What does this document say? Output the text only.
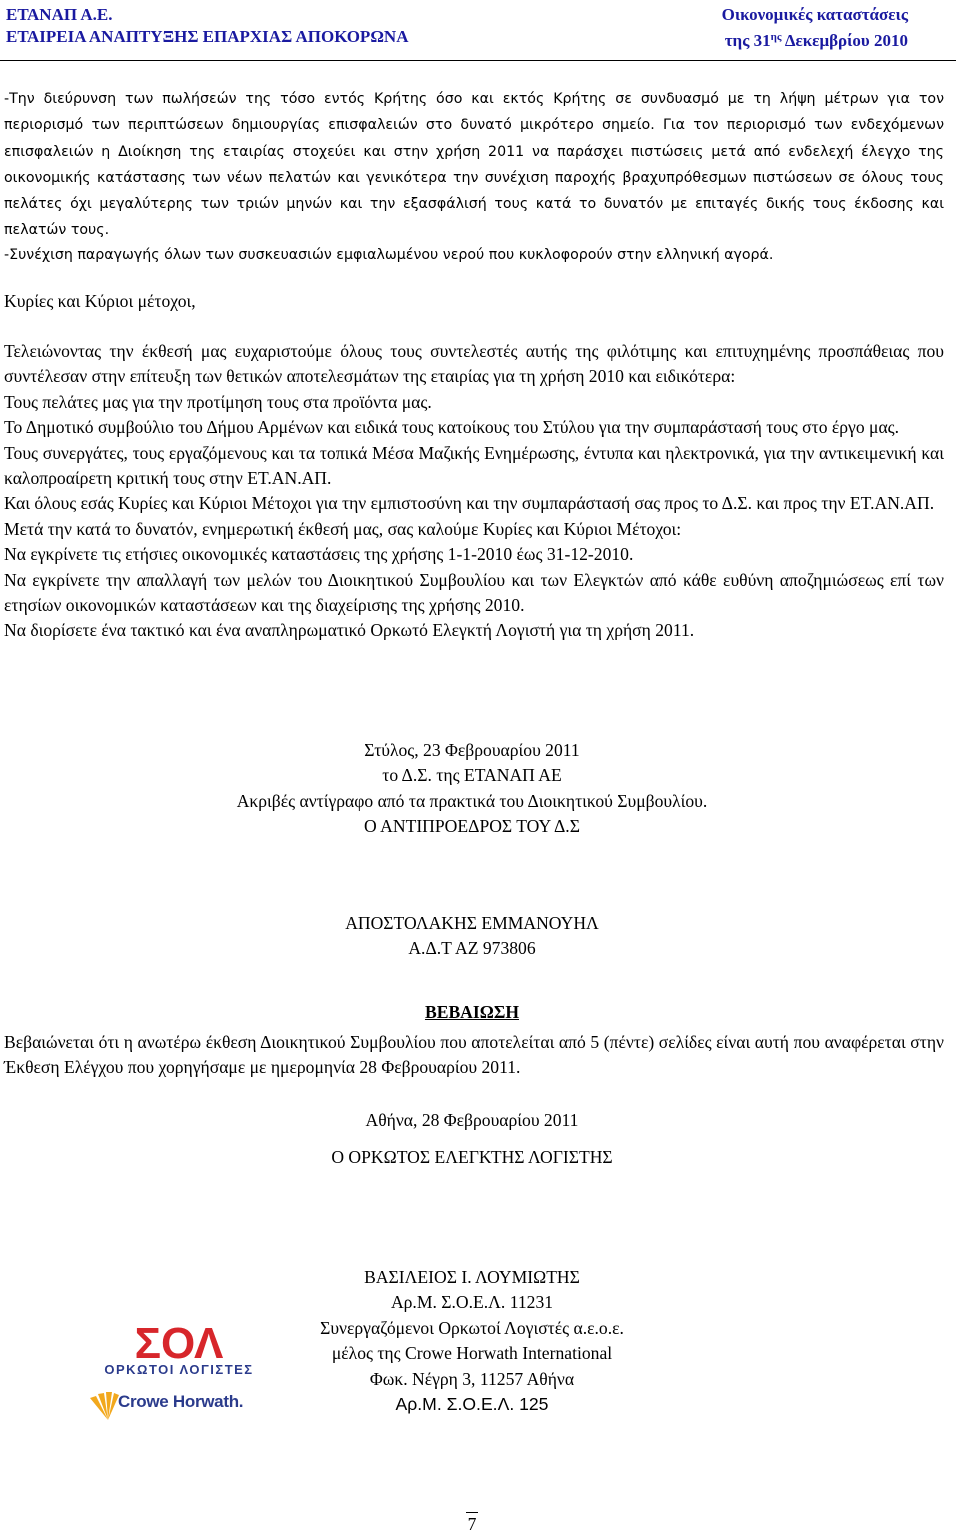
ΕΤΑΝΑΠ Α.Ε.
ΕΤΑΙΡΕΙΑ ΑΝΑΠΤΥΞΗΣ ΕΠΑΡΧΙΑΣ ΑΠΟΚΟΡΩΝΑ
Οικονομικές καταστάσεις
της $31^{\eta\varsigma}$ Δεκεμβρίου 2010
-Την διεύρυνση των πωλήσεών της τόσο εντός Κρήτης όσο και εκτός Κρήτης σε συνδυασμό με τη λήψη μέτρων για τον περιορισμό των περιπτώσεων δημιουργίας επισφαλειών στο δυνατό μικρότερο σημείο. Για τον περιορισμό των ενδεχόμενων επισφαλειών η Διοίκηση της εταιρίας στοχεύει και στην χρήση 2011 να παράσχει πιστώσεις μετά από ενδελεχή έλεγχο της οικονομικής κατάστασης των νέων πελατών και γενικότερα την συνέχιση παροχής βραχυπρόθεσμων πιστώσεων σε όλους τους πελάτες όχι μεγαλύτερης των τριών μηνών και την εξασφάλισή τους κατά το δυνατόν με επιταγές δικής τους έκδοσης και πελατών τους.
-Συνέχιση παραγωγής όλων των συσκευασιών εμφιαλωμένου νερού που κυκλοφορούν στην ελληνική αγορά.
Κυρίες και Κύριοι μέτοχοι,

Τελειώνοντας την έκθεσή μας ευχαριστούμε όλους τους συντελεστές αυτής της φιλότιμης και επιτυχημένης προσπάθειας που συντέλεσαν στην επίτευξη των θετικών αποτελεσμάτων της εταιρίας για τη χρήση 2010 και ειδικότερα:

Τους πελάτες μας για την προτίμηση τους στα προϊόντα μας.

Το Δημοτικό συμβούλιο του Δήμου Αρμένων και ειδικά τους κατοίκους του Στύλου για την συμπαράστασή τους στο έργο μας.

Τους συνεργάτες, τους εργαζόμενους και τα τοπικά Μέσα Μαζικής Ενημέρωσης, έντυπα και ηλεκτρονικά, για την αντικειμενική και καλοπροαίρετη κριτική τους στην ΕΤ.ΑΝ.ΑΠ.

Και όλους εσάς Κυρίες και Κύριοι Μέτοχοι για την εμπιστοσύνη και την συμπαράστασή σας προς το Δ.Σ. και προς την ΕΤ.ΑΝ.ΑΠ.

Μετά την κατά το δυνατόν, ενημερωτική έκθεσή μας, σας καλούμε Κυρίες και Κύριοι Μέτοχοι:

Να εγκρίνετε τις ετήσιες οικονομικές καταστάσεις της χρήσης 1-1-2010 έως 31-12-2010.

Να εγκρίνετε την απαλλαγή των μελών του Διοικητικού Συμβουλίου και των Ελεγκτών από κάθε ευθύνη αποζημιώσεως επί των ετησίων οικονομικών καταστάσεων και της διαχείρισης της χρήσης 2010.

Να διορίσετε ένα τακτικό και ένα αναπληρωματικό Ορκωτό Ελεγκτή Λογιστή για τη χρήση 2011.

Στύλος, 23 Φεβρουαρίου 2011

το Δ.Σ. της ΕΤΑΝΑΠ ΑΕ

Ακριβές αντίγραφο από τα πρακτικά του Διοικητικού Συμβουλίου.

Ο ΑΝΤΙΠΡΟΕΔΡΟΣ ΤΟΥ Δ.Σ

ΑΠΟΣΤΟΛΑΚΗΣ ΕΜΜΑΝΟΥΗΛ

Α.Δ.Τ ΑΖ 973806

ΒΕΒΑΙΩΣΗ
Βεβαιώνεται ότι η ανωτέρω έκθεση Διοικητικού Συμβουλίου που αποτελείται από 5 (πέντε) σελίδες είναι αυτή που αναφέρεται στην Έκθεση Ελέγχου που χορηγήσαμε με ημερομηνία 28 Φεβρουαρίου 2011.
Αθήνα, 28 Φεβρουαρίου 2011
Ο ΟΡΚΩΤΟΣ ΕΛΕΓΚΤΗΣ ΛΟΓΙΣΤΗΣ

ΒΑΣΙΛΕΙΟΣ Ι. ΛΟΥΜΙΩΤΗΣ

Αρ.Μ. Σ.Ο.Ε.Λ. 11231

Συνεργαζόμενοι Ορκωτοί Λογιστές α.ε.ο.ε.

μέλος της Crowe Horwath International

Φωκ. Νέγρη 3, 11257 Αθήνα

Αρ.Μ. Σ.Ο.Ε.Λ. 125

ΣΟΛ
ΟΡΚΩΤΟΙ ΛΟΓΙΣΤΕΣ
Crowe Horwath.
7
